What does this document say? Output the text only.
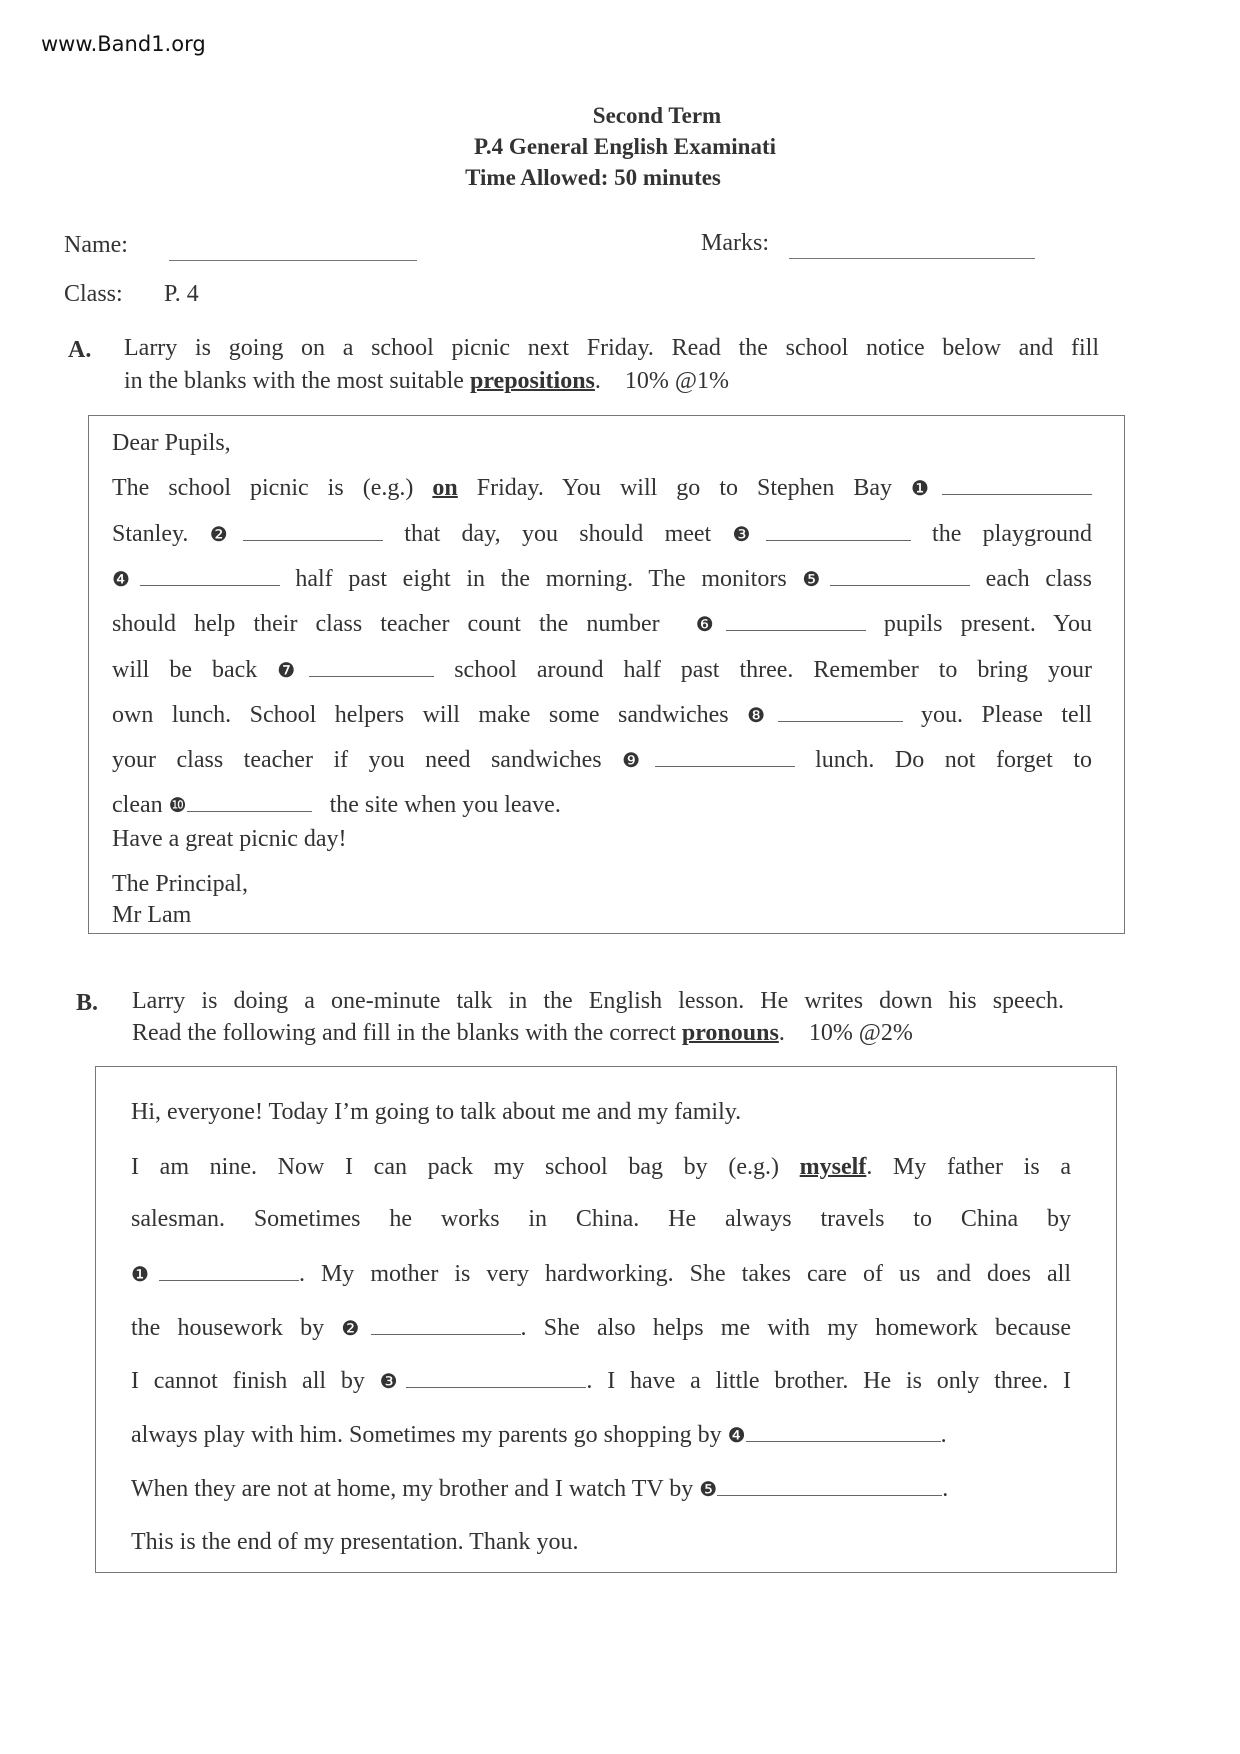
www.Band1.org
Second Term
P.4 General English Examinati
Time Allowed: 50 minutes
Name:	Marks:
Class: P. 4
A. Larry is going on a school picnic next Friday. Read the school notice below and fill
in the blanks with the most suitable prepositions.    10% @1%
Dear Pupils,
The school picnic is (e.g.) on Friday. You will go to Stephen Bay ❶
Stanley. ❷	that day, you should meet ❸	the playground
❹	half past eight in the morning. The monitors ❺	each class
should help their class teacher count the number  ❻	pupils present. You
will be back ❼	school around half past three. Remember to bring your
own lunch. School helpers will make some sandwiches ❽	you. Please tell
your class teacher if you need sandwiches ❾	lunch. Do not forget to
clean ❿	the site when you leave.
Have a great picnic day!
The Principal,
Mr Lam
B. Larry is doing a one-minute talk in the English lesson. He writes down his speech.
Read the following and fill in the blanks with the correct pronouns.    10% @2%
Hi, everyone! Today I’m going to talk about me and my family.
I am nine. Now I can pack my school bag by (e.g.) myself. My father is a
salesman. Sometimes he works in China. He always travels to China by
❶	. My mother is very hardworking. She takes care of us and does all
the housework by ❷	. She also helps me with my homework because
I cannot finish all by ❸	. I have a little brother. He is only three. I
always play with him. Sometimes my parents go shopping by ❹	.
When they are not at home, my brother and I watch TV by ❺	.
This is the end of my presentation. Thank you.
